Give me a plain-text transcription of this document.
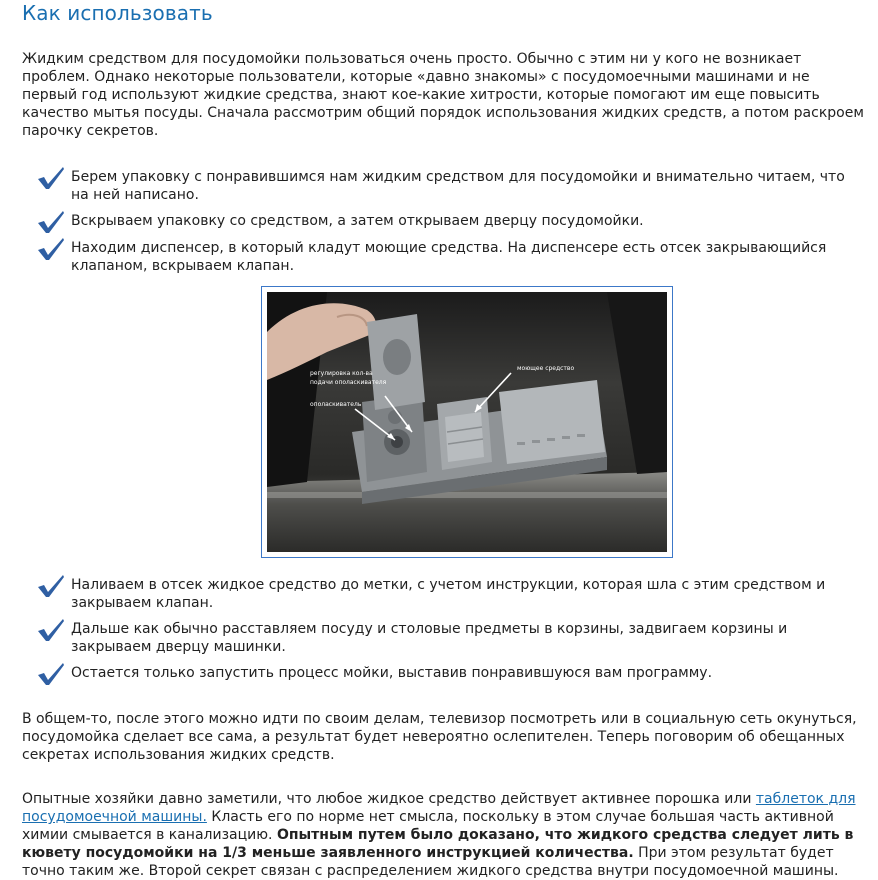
Как использовать

Жидким средством для посудомойки пользоваться очень просто. Обычно с этим ни у кого не возникает проблем. Однако некоторые пользователи, которые «давно знакомы» с посудомоечными машинами и не первый год используют жидкие средства, знают кое-какие хитрости, которые помогают им еще повысить качество мытья посуды. Сначала рассмотрим общий порядок использования жидких средств, а потом раскроем парочку секретов.

Берем упаковку с понравившимся нам жидким средством для посудомойки и внимательно читаем, что на ней написано.
Вскрываем упаковку со средством, а затем открываем дверцу посудомойки.
Находим диспенсер, в который кладут моющие средства. На диспенсере есть отсек закрывающийся клапаном, вскрываем клапан.
регулировка кол-ва
подачи ополаскивателя
ополаскиватель
моющее средство
Наливаем в отсек жидкое средство до метки, с учетом инструкции, которая шла с этим средством и закрываем клапан.
Дальше как обычно расставляем посуду и столовые предметы в корзины, задвигаем корзины и закрываем дверцу машинки.
Остается только запустить процесс мойки, выставив понравившуюся вам программу.

В общем-то, после этого можно идти по своим делам, телевизор посмотреть или в социальную сеть окунуться, посудомойка сделает все сама, а результат будет невероятно ослепителен. Теперь поговорим об обещанных секретах использования жидких средств.

Опытные хозяйки давно заметили, что любое жидкое средство действует активнее порошка или таблеток для посудомоечной машины. Класть его по норме нет смысла, поскольку в этом случае большая часть активной химии смывается в канализацию. Опытным путем было доказано, что жидкого средства следует лить в кювету посудомойки на 1/3 меньше заявленного инструкцией количества. При этом результат будет точно таким же. Второй секрет связан с распределением жидкого средства внутри посудомоечной машины.
